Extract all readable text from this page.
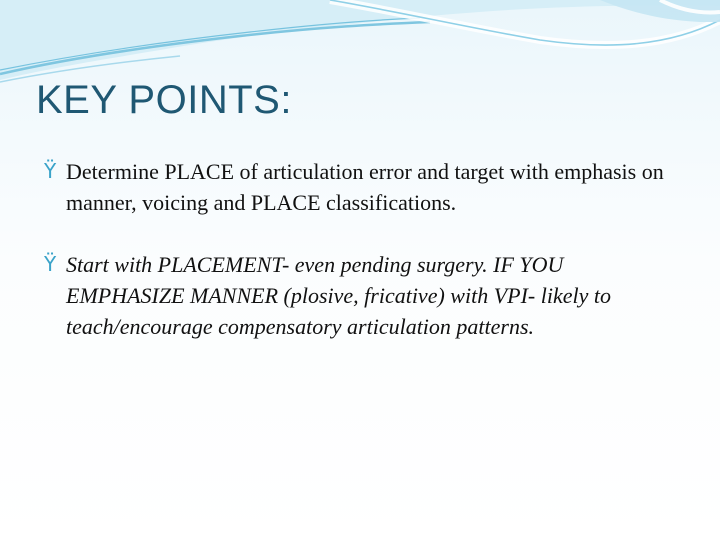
KEY POINTS:
Ÿ Determine PLACE of articulation error and target with emphasis on manner, voicing and PLACE classifications.
Ÿ Start with PLACEMENT- even pending surgery. IF YOU EMPHASIZE MANNER (plosive, fricative) with VPI- likely to teach/encourage compensatory articulation patterns.
